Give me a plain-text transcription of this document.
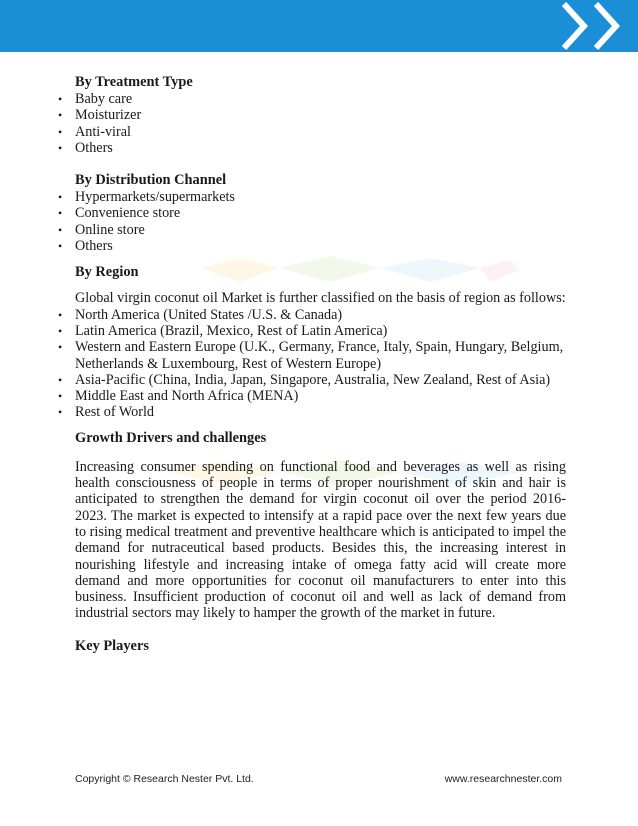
By Treatment Type
• Baby care
• Moisturizer
• Anti-viral
• Others
By Distribution Channel
• Hypermarkets/supermarkets
• Convenience store
• Online store
• Others
By Region

Global virgin coconut oil Market is further classified on the basis of region as follows:

• North America (United States /U.S. & Canada)
• Latin America (Brazil, Mexico, Rest of Latin America)
• Western and Eastern Europe (U.K., Germany, France, Italy, Spain, Hungary, Belgium, Netherlands & Luxembourg, Rest of Western Europe)
• Asia-Pacific (China, India, Japan, Singapore, Australia, New Zealand, Rest of Asia)
• Middle East and North Africa (MENA)
• Rest of World
Growth Drivers and challenges

Increasing consumer spending on functional food and beverages as well as rising health consciousness of people in terms of proper nourishment of skin and hair is anticipated to strengthen the demand for virgin coconut oil over the period 2016-2023. The market is expected to intensify at a rapid pace over the next few years due to rising medical treatment and preventive healthcare which is anticipated to impel the demand for nutraceutical based products. Besides this, the increasing interest in nourishing lifestyle and increasing intake of omega fatty acid will create more demand and more opportunities for coconut oil manufacturers to enter into this business. Insufficient production of coconut oil and well as lack of demand from industrial sectors may likely to hamper the growth of the market in future.

Key Players
Copyright © Research Nester Pvt. Ltd.	www.researchnester.com
